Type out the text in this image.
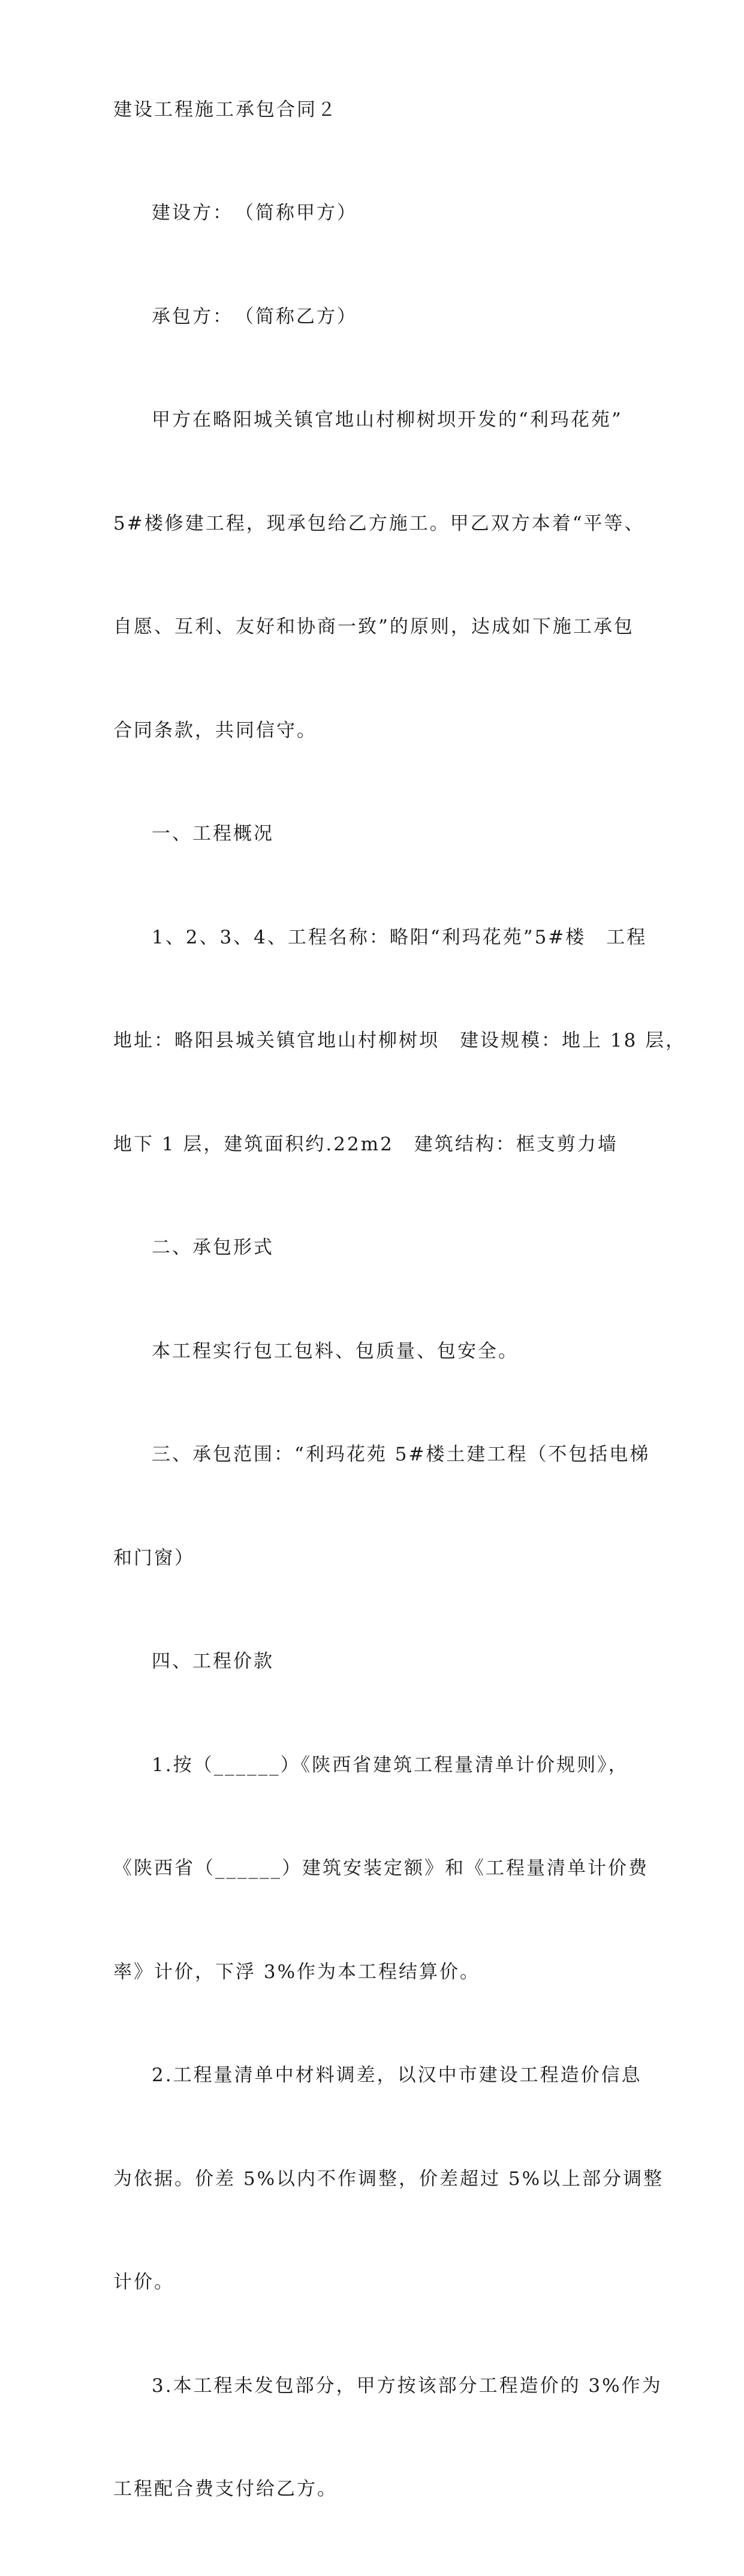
建设工程施工承包合同２

建设方：　（简称甲方）

承包方：　（简称乙方）

甲方在略阳城关镇官地山村柳树坝开发的“利玛花苑”

5#楼修建工程，现承包给乙方施工。甲乙双方本着“平等、

自愿、互利、友好和协商一致”的原则，达成如下施工承包

合同条款，共同信守。

一、工程概况

1、2、3、4、工程名称：略阳“利玛花苑”5#楼　工程

地址：略阳县城关镇官地山村柳树坝　建设规模：地上 18 层，

地下 1 层，建筑面积约.22m2　建筑结构：框支剪力墙

二、承包形式

本工程实行包工包料、包质量、包安全。

三、承包范围：“利玛花苑 5#楼土建工程（不包括电梯

和门窗）

四、工程价款

1.按（______）《陕西省建筑工程量清单计价规则》，

《陕西省（______）建筑安装定额》和《工程量清单计价费

率》计价，下浮 3%作为本工程结算价。

2.工程量清单中材料调差，以汉中市建设工程造价信息

为依据。价差 5%以内不作调整，价差超过 5%以上部分调整

计价。

3.本工程未发包部分，甲方按该部分工程造价的 3%作为

工程配合费支付给乙方。
